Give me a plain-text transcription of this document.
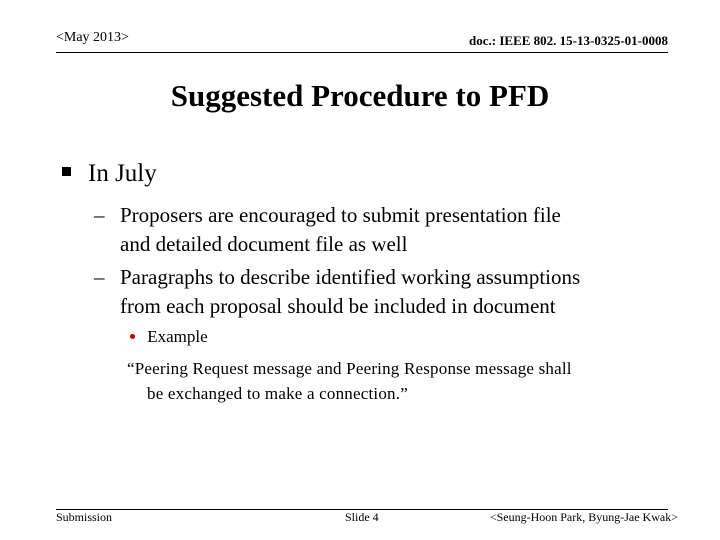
<May 2013>	doc.: IEEE 802. 15-13-0325-01-0008
Suggested Procedure to PFD
In July
– Proposers are encouraged to submit presentation file
and detailed document file as well
– Paragraphs to describe identified working assumptions
from each proposal should be included in document
Example
“Peering Request message and Peering Response message shall
be exchanged to make a connection.”
Submission	Slide 4	<Seung-Hoon Park, Byung-Jae Kwak>
